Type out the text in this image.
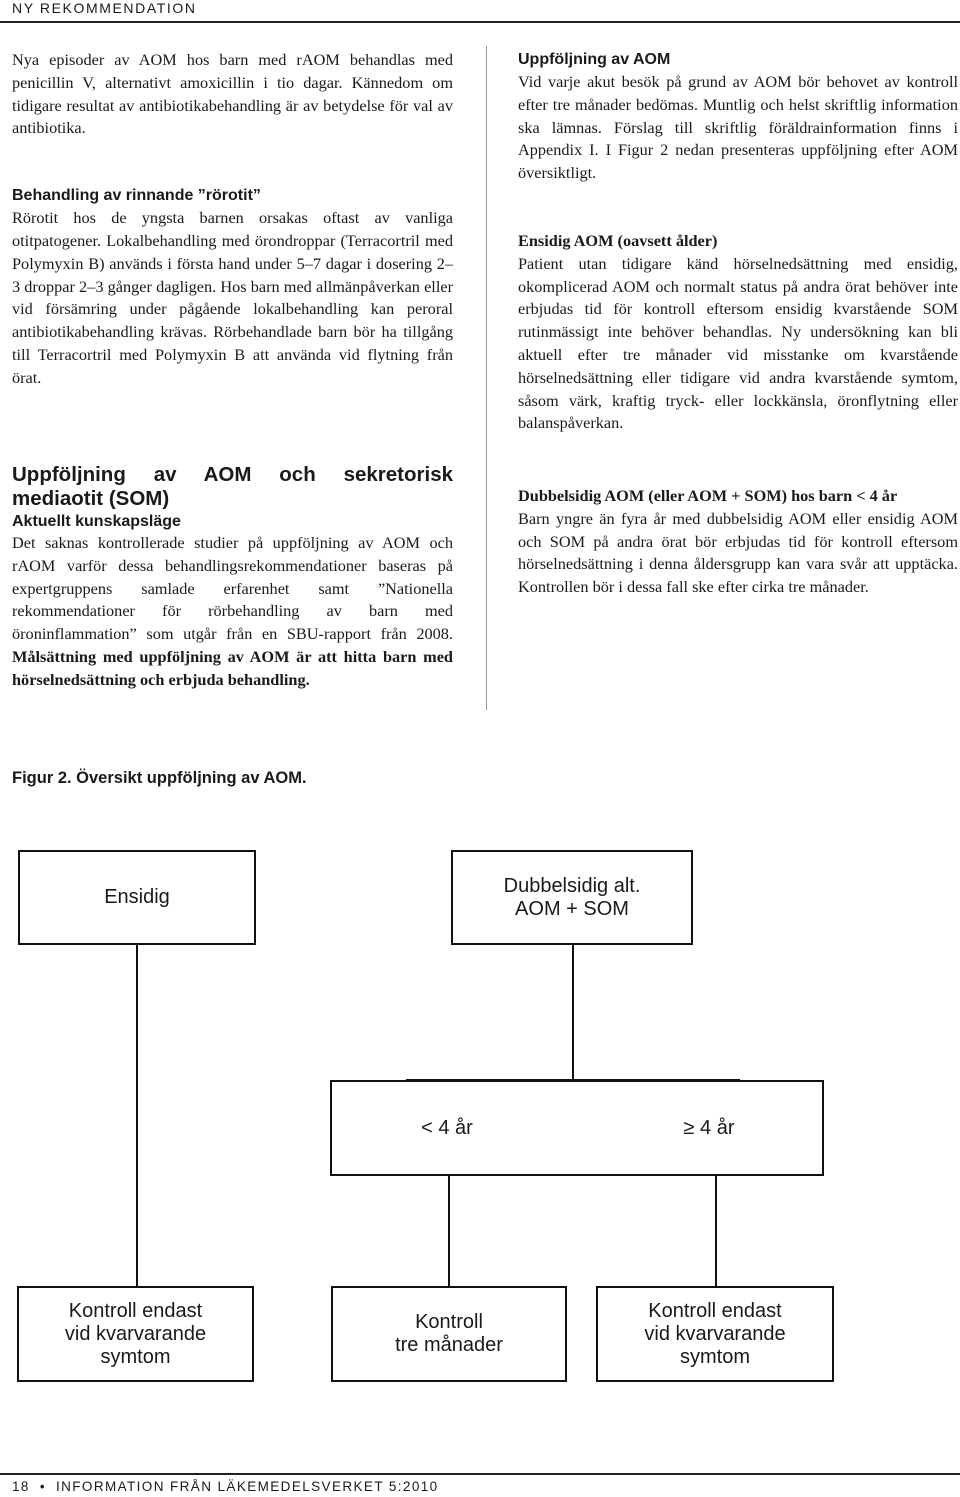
NY REKOMMENDATION

Nya episoder av AOM hos barn med rAOM behandlas med penicillin V, alternativt amoxicillin i tio dagar. Kännedom om tidigare resultat av antibiotikabehandling är av betydelse för val av antibiotika.

Behandling av rinnande ”rörotit”

Rörotit hos de yngsta barnen orsakas oftast av vanliga otitpatogener. Lokalbehandling med örondroppar (Terracortril med Polymyxin B) används i första hand under 5–7 dagar i dosering 2–3 droppar 2–3 gånger dagligen. Hos barn med allmänpåverkan eller vid försämring under pågående lokalbehandling kan peroral antibiotikabehandling krävas. Rörbehandlade barn bör ha tillgång till Terracortril med Polymyxin B att använda vid flytning från örat.

Uppföljning av AOM och sekretorisk mediaotit (SOM)
Aktuellt kunskapsläge

Det saknas kontrollerade studier på uppföljning av AOM och rAOM varför dessa behandlingsrekommendationer baseras på expertgruppens samlade erfarenhet samt ”Nationella rekommendationer för rörbehandling av barn med öroninflammation” som utgår från en SBU-rapport från 2008. Målsättning med uppföljning av AOM är att hitta barn med hörselnedsättning och erbjuda behandling.

Uppföljning av AOM

Vid varje akut besök på grund av AOM bör behovet av kontroll efter tre månader bedömas. Muntlig och helst skriftlig information ska lämnas. Förslag till skriftlig föräldrainformation finns i Appendix I. I Figur 2 nedan presenteras uppföljning efter AOM översiktligt.

Ensidig AOM (oavsett ålder)

Patient utan tidigare känd hörselnedsättning med ensidig, okomplicerad AOM och normalt status på andra örat behöver inte erbjudas tid för kontroll eftersom ensidig kvarstående SOM rutinmässigt inte behöver behandlas. Ny undersökning kan bli aktuell efter tre månader vid misstanke om kvarstående hörselnedsättning eller tidigare vid andra kvarstående symtom, såsom värk, kraftig tryck- eller lockkänsla, öronflytning eller balanspåverkan.

Dubbelsidig AOM (eller AOM + SOM) hos barn < 4 år

Barn yngre än fyra år med dubbelsidig AOM eller ensidig AOM och SOM på andra örat bör erbjudas tid för kontroll eftersom hörselnedsättning i denna åldersgrupp kan vara svår att upptäcka. Kontrollen bör i dessa fall ske efter cirka tre månader.

Figur 2. Översikt uppföljning av AOM.
Ensidig
Dubbelsidig alt.
AOM + SOM
< 4 år	≥ 4 år
Kontroll endast
vid kvarvarande
symtom
Kontroll
tre månader
Kontroll endast
vid kvarvarande
symtom
18 • INFORMATION FRÅN LÄKEMEDELSVERKET 5:2010
